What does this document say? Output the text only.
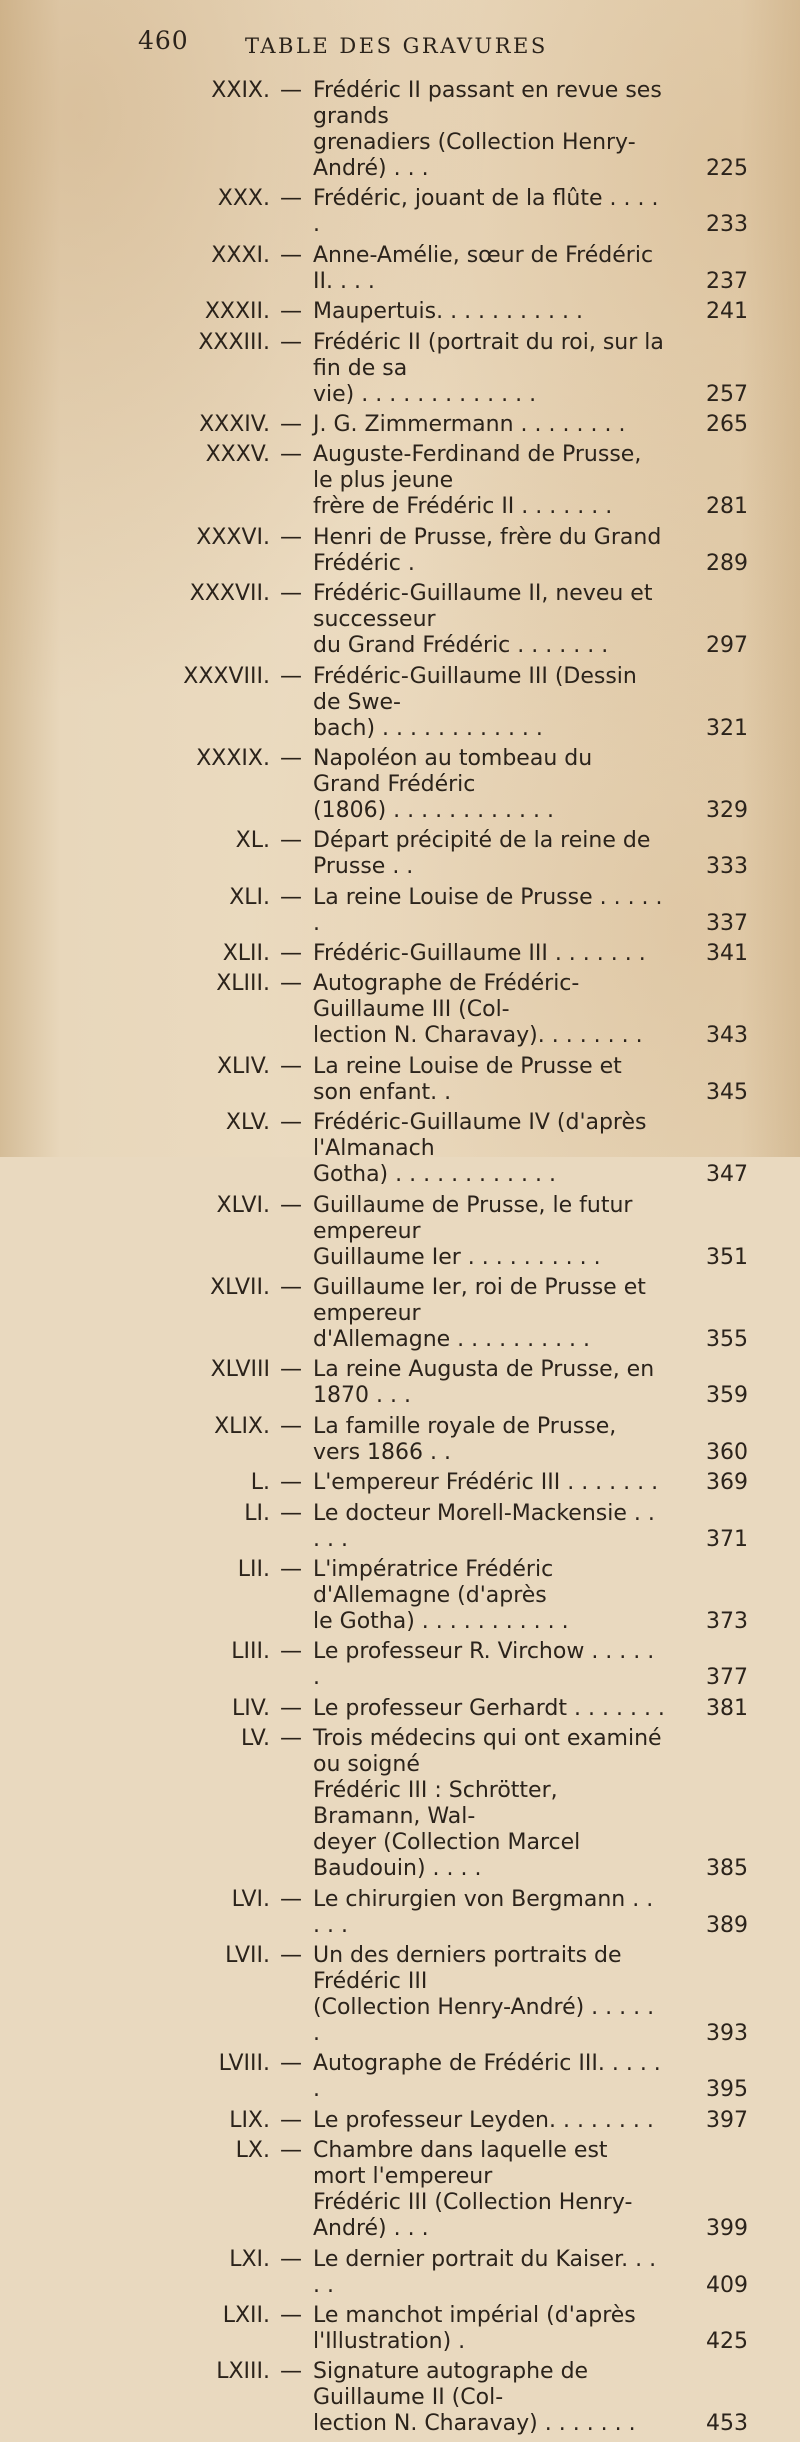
460	TABLE DES GRAVURES
XXIX. — Frédéric II passant en revue ses grands
grenadiers (Collection Henry-André) . . .	225
XXX. — Frédéric, jouant de la flûte . . . . .	233
XXXI. — Anne-Amélie, sœur de Frédéric II. . . .	237
XXXII. — Maupertuis. . . . . . . . . . .	241
XXXIII. — Frédéric II (portrait du roi, sur la fin de sa
vie) . . . . . . . . . . . . .	257
XXXIV. — J. G. Zimmermann . . . . . . . .	265
XXXV. — Auguste-Ferdinand de Prusse, le plus jeune
frère de Frédéric II . . . . . . .	281
XXXVI. — Henri de Prusse, frère du Grand Frédéric .	289
XXXVII. — Frédéric-Guillaume II, neveu et successeur
du Grand Frédéric . . . . . . .	297
XXXVIII. — Frédéric-Guillaume III (Dessin de Swe-
bach) . . . . . . . . . . . .	321
XXXIX. — Napoléon au tombeau du Grand Frédéric
(1806) . . . . . . . . . . . .	329
XL. — Départ précipité de la reine de Prusse . .	333
XLI. — La reine Louise de Prusse . . . . . .	337
XLII. — Frédéric-Guillaume III . . . . . . .	341
XLIII. — Autographe de Frédéric-Guillaume III (Col-
lection N. Charavay). . . . . . . .	343
XLIV. — La reine Louise de Prusse et son enfant. .	345
XLV. — Frédéric-Guillaume IV (d'après l'Almanach
Gotha) . . . . . . . . . . . .	347
XLVI. — Guillaume de Prusse, le futur empereur
Guillaume Ier . . . . . . . . . .	351
XLVII. — Guillaume Ier, roi de Prusse et empereur
d'Allemagne . . . . . . . . . .	355
XLVIII — La reine Augusta de Prusse, en 1870 . . .	359
XLIX. — La famille royale de Prusse, vers 1866 . .	360
L. — L'empereur Frédéric III . . . . . . .	369
LI. — Le docteur Morell-Mackensie . . . . .	371
LII. — L'impératrice Frédéric d'Allemagne (d'après
le Gotha) . . . . . . . . . . .	373
LIII. — Le professeur R. Virchow . . . . . .	377
LIV. — Le professeur Gerhardt . . . . . . .	381
LV. — Trois médecins qui ont examiné ou soigné
Frédéric III : Schrötter, Bramann, Wal-
deyer (Collection Marcel Baudouin) . . . .	385
LVI. — Le chirurgien von Bergmann . . . . .	389
LVII. — Un des derniers portraits de Frédéric III
(Collection Henry-André) . . . . . .	393
LVIII. — Autographe de Frédéric III. . . . . .	395
LIX. — Le professeur Leyden. . . . . . . .	397
LX. — Chambre dans laquelle est mort l'empereur
Frédéric III (Collection Henry-André) . . .	399
LXI. — Le dernier portrait du Kaiser. . . . .	409
LXII. — Le manchot impérial (d'après l'Illustration) .	425
LXIII. — Signature autographe de Guillaume II (Col-
lection N. Charavay) . . . . . . .	453
